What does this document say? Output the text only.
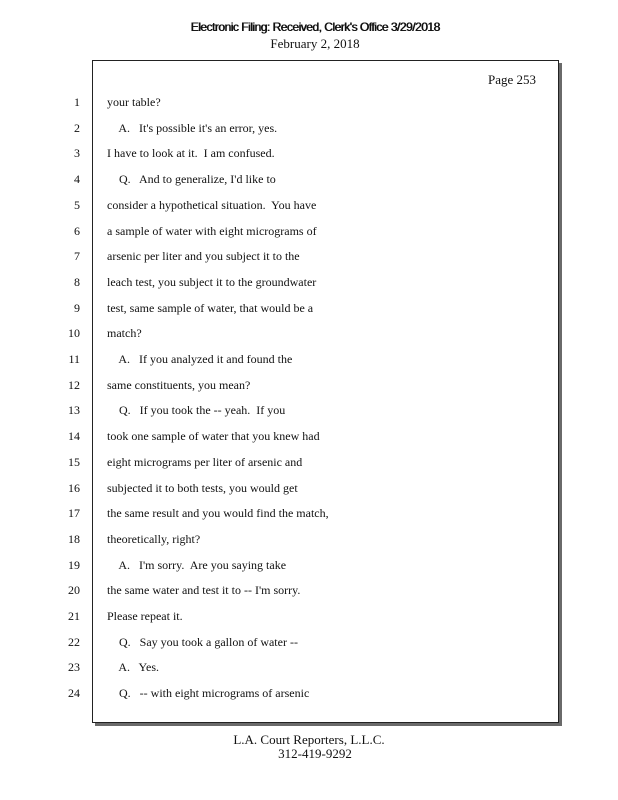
Electronic Filing: Received, Clerk's Office 3/29/2018
February 2, 2018
Page 253
1 your table?
2 A.   It's possible it's an error, yes.
3 I have to look at it.  I am confused.
4 Q.   And to generalize, I'd like to
5 consider a hypothetical situation.  You have
6 a sample of water with eight micrograms of
7 arsenic per liter and you subject it to the
8 leach test, you subject it to the groundwater
9 test, same sample of water, that would be a
10 match?
11 A.   If you analyzed it and found the
12 same constituents, you mean?
13 Q.   If you took the -- yeah.  If you
14 took one sample of water that you knew had
15 eight micrograms per liter of arsenic and
16 subjected it to both tests, you would get
17 the same result and you would find the match,
18 theoretically, right?
19 A.   I'm sorry.  Are you saying take
20 the same water and test it to -- I'm sorry.
21 Please repeat it.
22 Q.   Say you took a gallon of water --
23 A.   Yes.
24 Q.   -- with eight micrograms of arsenic
L.A. Court Reporters, L.L.C.
312-419-9292
